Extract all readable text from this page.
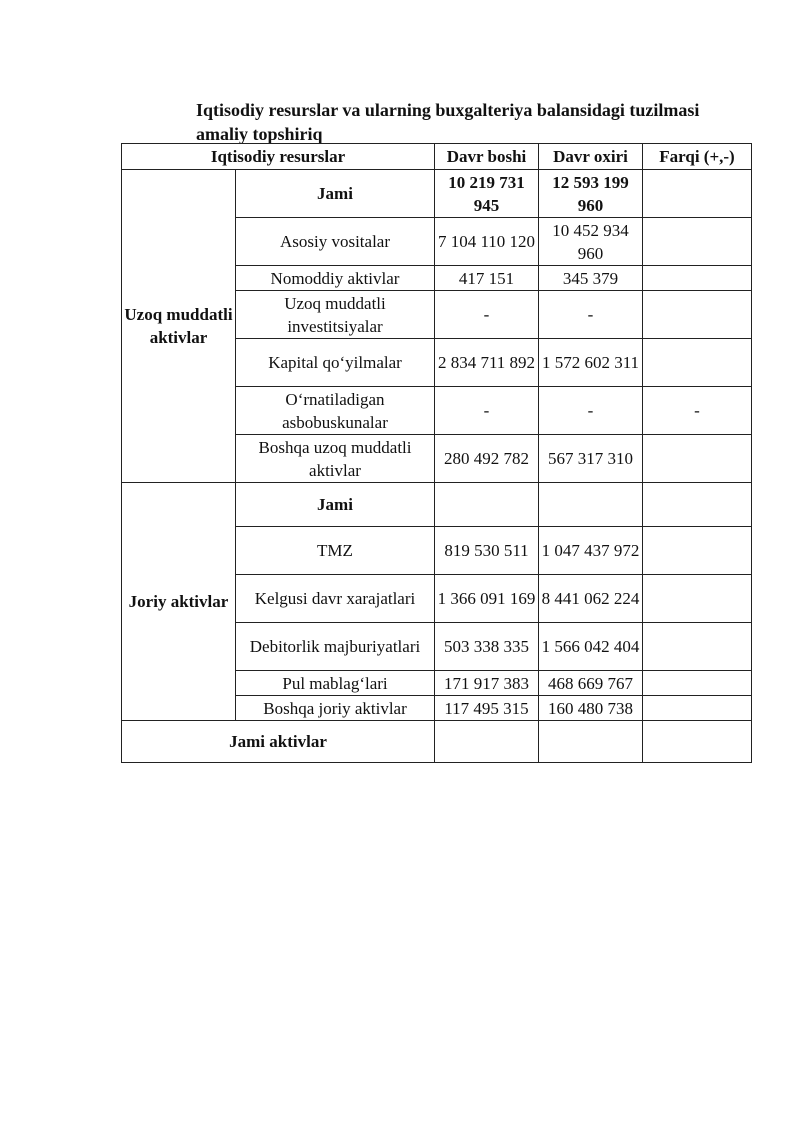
Iqtisodiy resurslar va ularning buxgalteriya balansidagi tuzilmasi
amaliy topshiriq
Iqtisodiy resurslar		Davr boshi	Davr oxiri	Farqi (+,-)
Uzoq muddatli aktivlar	Jami	10 219 731 945	12 593 199 960	
	Asosiy vositalar	7 104 110 120	10 452 934 960	
	Nomoddiy aktivlar	417 151	345 379	
	Uzoq muddatli investitsiyalar	-	-	
	Kapital qo‘yilmalar	2 834 711 892	1 572 602 311	
	O‘rnatiladigan asbobuskunalar	-	-	-
	Boshqa uzoq muddatli aktivlar	280 492 782	567 317 310	
Joriy aktivlar	Jami			
	TMZ	819 530 511	1 047 437 972	
	Kelgusi davr xarajatlari	1 366 091 169	8 441 062 224	
	Debitorlik majburiyatlari	503 338 335	1 566 042 404	
	Pul mablag‘lari	171 917 383	468 669 767	
	Boshqa joriy aktivlar	117 495 315	160 480 738	
Jami aktivlar				
